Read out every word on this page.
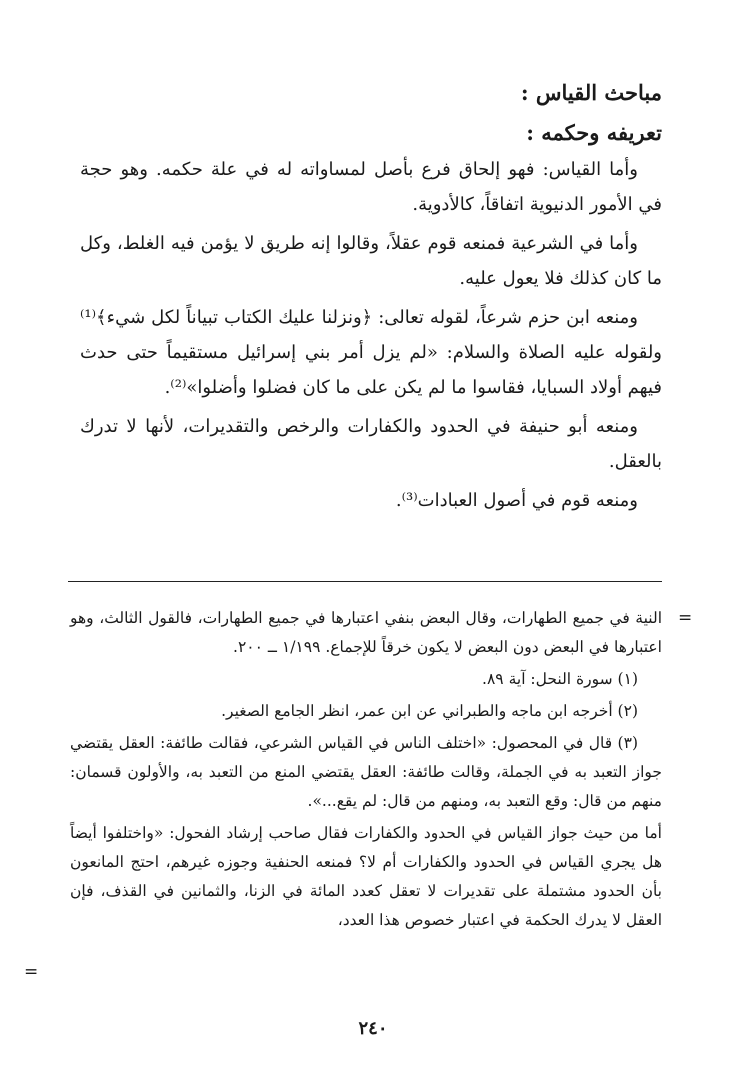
مباحث القياس :
تعريفه وحكمه :

وأما القياس: فهو إلحاق فرع بأصل لمساواته له في علة حكمه. وهو حجة في الأمور الدنيوية اتفاقاً، كالأدوية.

وأما في الشرعية فمنعه قوم عقلاً، وقالوا إنه طريق لا يؤمن فيه الغلط، وكل ما كان كذلك فلا يعول عليه.

ومنعه ابن حزم شرعاً، لقوله تعالى: ﴿ونزلنا عليك الكتاب تبياناً لكل شيء﴾⁽¹⁾ ولقوله عليه الصلاة والسلام: «لم يزل أمر بني إسرائيل مستقيماً حتى حدث فيهم أولاد السبايا، فقاسوا ما لم يكن على ما كان فضلوا وأضلوا»⁽²⁾.

ومنعه أبو حنيفة في الحدود والكفارات والرخص والتقديرات، لأنها لا تدرك بالعقل.

ومنعه قوم في أصول العبادات⁽³⁾.

=

النية في جميع الطهارات، وقال البعض بنفي اعتبارها في جميع الطهارات، فالقول الثالث، وهو اعتبارها في البعض دون البعض لا يكون خرقاً للإجماع. ١/١٩٩ ــ ٢٠٠.

(١) سورة النحل: آية ٨٩.

(٢) أخرجه ابن ماجه والطبراني عن ابن عمر، انظر الجامع الصغير.

(٣) قال في المحصول: «اختلف الناس في القياس الشرعي، فقالت طائفة: العقل يقتضي جواز التعبد به في الجملة، وقالت طائفة: العقل يقتضي المنع من التعبد به، والأولون قسمان: منهم من قال: وقع التعبد به، ومنهم من قال: لم يقع...».

أما من حيث جواز القياس في الحدود والكفارات فقال صاحب إرشاد الفحول: «واختلفوا أيضاً هل يجري القياس في الحدود والكفارات أم لا؟ فمنعه الحنفية وجوزه غيرهم، احتج المانعون بأن الحدود مشتملة على تقديرات لا تعقل كعدد المائة في الزنا، والثمانين في القذف، فإن العقل لا يدرك الحكمة في اعتبار خصوص هذا العدد،

=
٢٤٠
